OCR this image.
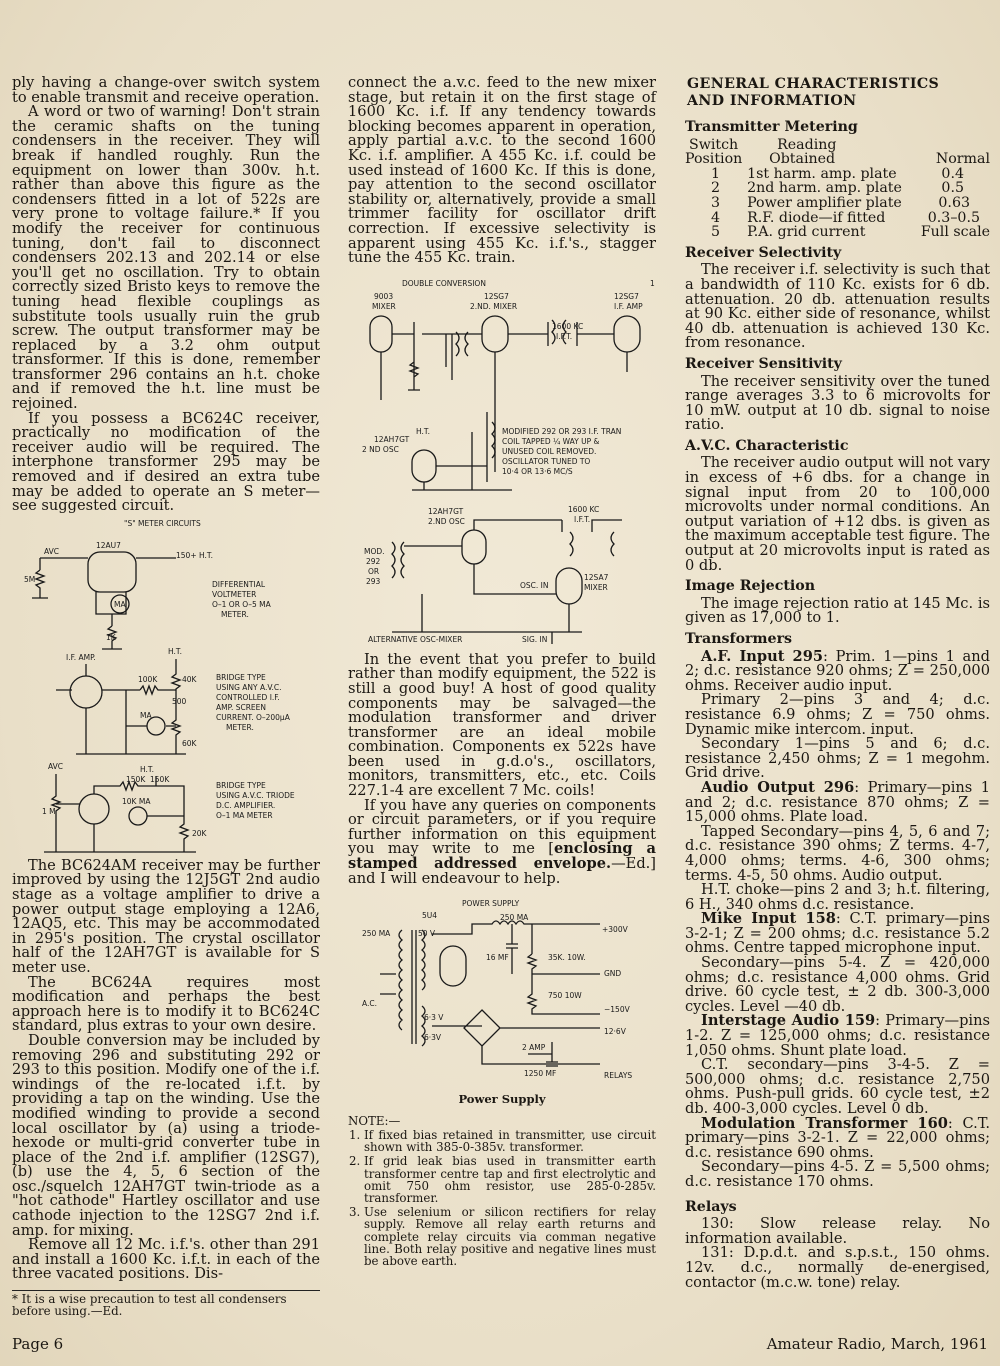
ply having a change-over switch system to enable transmit and receive operation.

A word or two of warning! Don't strain the ceramic shafts on the tuning condensers in the receiver. They will break if handled roughly. Run the equipment on lower than 300v. h.t. rather than above this figure as the condensers fitted in a lot of 522s are very prone to voltage failure.* If you modify the receiver for continuous tuning, don't fail to disconnect condensers 202.13 and 202.14 or else you'll get no oscillation. Try to obtain correctly sized Bristo keys to remove the tuning head flexible couplings as substitute tools usually ruin the grub screw. The output transformer may be replaced by a 3.2 ohm output transformer. If this is done, remember transformer 296 contains an h.t. choke and if removed the h.t. line must be rejoined.

If you possess a BC624C receiver, practically no modification of the receiver audio will be required. The interphone transformer 295 may be removed and if desired an extra tube may be added to operate an S meter—see suggested circuit.

"S" METER CIRCUITS
AVC
12AU7
150+ H.T.
5M
MA
1K
DIFFERENTIAL
VOLTMETER
O–1 OR O–5 MA
METER.
I.F. AMP.
H.T.
40K
100K
500
MA
60K
BRIDGE TYPE
USING ANY A.V.C.
CONTROLLED I.F.
AMP. SCREEN
CURRENT. O–200µA
METER.
AVC	H.T.
150K 150K
10K MA
1 M
20K
BRIDGE TYPE
USING A.V.C. TRIODE
D.C. AMPLIFIER.
O–1 MA METER

The BC624AM receiver may be further improved by using the 12J5GT 2nd audio stage as a voltage amplifier to drive a power output stage employing a 12A6, 12AQ5, etc. This may be accommodated in 295's position. The crystal oscillator half of the 12AH7GT is available for S meter use.

The BC624A requires most modification and perhaps the best approach here is to modify it to BC624C standard, plus extras to your own desire.

Double conversion may be included by removing 296 and substituting 292 or 293 to this position. Modify one of the i.f. windings of the re-located i.f.t. by providing a tap on the winding. Use the modified winding to provide a second local oscillator by (a) using a triode-hexode or multi-grid converter tube in place of the 2nd i.f. amplifier (12SG7), (b) use the 4, 5, 6 section of the osc./squelch 12AH7GT twin-triode as a "hot cathode" Hartley oscillator and use cathode injection to the 12SG7 2nd i.f. amp. for mixing.

Remove all 12 Mc. i.f.'s. other than 291 and install a 1600 Kc. i.f.t. in each of the three vacated positions. Dis-

* It is a wise precaution to test all condensers before using.—Ed.

connect the a.v.c. feed to the new mixer stage, but retain it on the first stage of 1600 Kc. i.f. If any tendency towards blocking becomes apparent in operation, apply partial a.v.c. to the second 1600 Kc. i.f. amplifier. A 455 Kc. i.f. could be used instead of 1600 Kc. If this is done, pay attention to the second oscillator stability or, alternatively, provide a small trimmer facility for oscillator drift correction. If excessive selectivity is apparent using 455 Kc. i.f.'s., stagger tune the 455 Kc. train.

DOUBLE CONVERSION	1
9003
MIXER
12SG7
2.ND. MIXER
12SG7
I.F. AMP
1600 KC
I.F.T.
H.T.
12AH7GT
2 ND OSC
MODIFIED 292 OR 293 I.F. TRAN
COIL TAPPED ¼ WAY UP &
UNUSED COIL REMOVED.
OSCILLATOR TUNED TO
10·4 OR 13·6 MC/S
12AH7GT
2.ND OSC
1600 KC
I.F.T.
MOD.
292
OR
293	OSC. IN
12SA7
MIXER
ALTERNATIVE OSC-MIXER	SIG. IN

In the event that you prefer to build rather than modify equipment, the 522 is still a good buy! A host of good quality components may be salvaged—the modulation transformer and driver transformer are an ideal mobile combination. Components ex 522s have been used in g.d.o's., oscillators, monitors, transmitters, etc., etc. Coils 227.1-4 are excellent 7 Mc. coils!

If you have any queries on components or circuit parameters, or if you require further information on this equipment you may write to me [enclosing a stamped addressed envelope.—Ed.] and I will endeavour to help.

POWER SUPPLY
5U4	250 MA
250 MA	50 V
16 MF	35K. 10W.
750 10W
+300V
GND
−150V
12·6V
A.C.
6·3 V
6·3V
2 AMP
1250 MF	RELAYS
Power Supply
NOTE:—
1. If fixed bias retained in transmitter, use circuit shown with 385-0-385v. transformer.
2. If grid leak bias used in transmitter earth transformer centre tap and first electrolytic and omit 750 ohm resistor, use 285-0-285v. transformer.
3. Use selenium or silicon rectifiers for relay supply. Remove all relay earth returns and complete relay circuits via comman negative line. Both relay positive and negative lines must be above earth.
GENERAL CHARACTERISTICS
AND INFORMATION
Transmitter Metering
Switch	Reading	
Position	Obtained	Normal
1	1st harm. amp. plate	0.4
2	2nd harm. amp. plate	0.5
3	Power amplifier plate	0.63
4	R.F. diode—if fitted	0.3–0.5
5	P.A. grid current	Full scale
Receiver Selectivity

The receiver i.f. selectivity is such that a bandwidth of 110 Kc. exists for 6 db. attenuation. 20 db. attenuation results at 90 Kc. either side of resonance, whilst 40 db. attenuation is achieved 130 Kc. from resonance.

Receiver Sensitivity

The receiver sensitivity over the tuned range averages 3.3 to 6 microvolts for 10 mW. output at 10 db. signal to noise ratio.

A.V.C. Characteristic

The receiver audio output will not vary in excess of +6 dbs. for a change in signal input from 20 to 100,000 microvolts under normal conditions. An output variation of +12 dbs. is given as the maximum acceptable test figure. The output at 20 microvolts input is rated as 0 db.

Image Rejection

The image rejection ratio at 145 Mc. is given as 17,000 to 1.

Transformers

A.F. Input 295: Prim. 1—pins 1 and 2; d.c. resistance 920 ohms; Z = 250,000 ohms. Receiver audio input.

Primary 2—pins 3 and 4; d.c. resistance 6.9 ohms; Z = 750 ohms. Dynamic mike intercom. input.

Secondary 1—pins 5 and 6; d.c. resistance 2,450 ohms; Z = 1 megohm. Grid drive.

Audio Output 296: Primary—pins 1 and 2; d.c. resistance 870 ohms; Z = 15,000 ohms. Plate load.

Tapped Secondary—pins 4, 5, 6 and 7; d.c. resistance 390 ohms; Z terms. 4-7, 4,000 ohms; terms. 4-6, 300 ohms; terms. 4-5, 50 ohms. Audio output.

H.T. choke—pins 2 and 3; h.t. filtering, 6 H., 340 ohms d.c. resistance.

Mike Input 158: C.T. primary—pins 3-2-1; Z = 200 ohms; d.c. resistance 5.2 ohms. Centre tapped microphone input.

Secondary—pins 5-4. Z = 420,000 ohms; d.c. resistance 4,000 ohms. Grid drive. 60 cycle test, ± 2 db. 300-3,000 cycles. Level —40 db.

Interstage Audio 159: Primary—pins 1-2. Z = 125,000 ohms; d.c. resistance 1,050 ohms. Shunt plate load.

C.T. secondary—pins 3-4-5. Z = 500,000 ohms; d.c. resistance 2,750 ohms. Push-pull grids. 60 cycle test, ±2 db. 400-3,000 cycles. Level 0 db.

Modulation Transformer 160: C.T. primary—pins 3-2-1. Z = 22,000 ohms; d.c. resistance 690 ohms.

Secondary—pins 4-5. Z = 5,500 ohms; d.c. resistance 170 ohms.

Relays

130: Slow release relay. No information available.

131: D.p.d.t. and s.p.s.t., 150 ohms. 12v. d.c., normally de-energised, contactor (m.c.w. tone) relay.

Page 6	Amateur Radio, March, 1961
